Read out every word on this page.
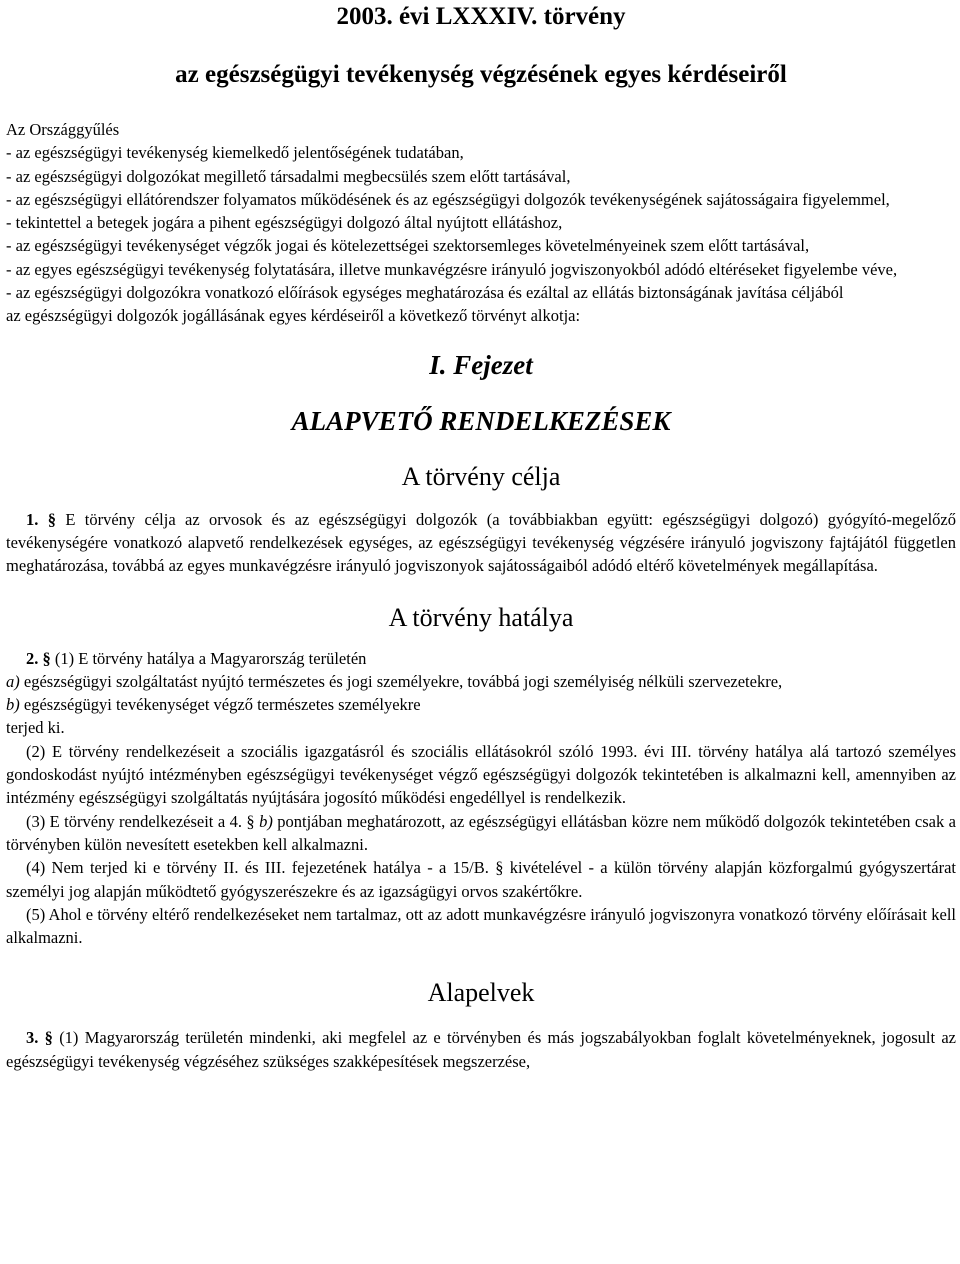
2003. évi LXXXIV. törvény
az egészségügyi tevékenység végzésének egyes kérdéseiről

Az Országgyűlés

- az egészségügyi tevékenység kiemelkedő jelentőségének tudatában,

- az egészségügyi dolgozókat megillető társadalmi megbecsülés szem előtt tartásával,

- az egészségügyi ellátórendszer folyamatos működésének és az egészségügyi dolgozók tevékenységének sajátosságaira figyelemmel,

- tekintettel a betegek jogára a pihent egészségügyi dolgozó által nyújtott ellátáshoz,

- az egészségügyi tevékenységet végzők jogai és kötelezettségei szektorsemleges követelményeinek szem előtt tartásával,

- az egyes egészségügyi tevékenység folytatására, illetve munkavégzésre irányuló jogviszonyokból adódó eltéréseket figyelembe véve,

- az egészségügyi dolgozókra vonatkozó előírások egységes meghatározása és ezáltal az ellátás biztonságának javítása céljából

az egészségügyi dolgozók jogállásának egyes kérdéseiről a következő törvényt alkotja:

I. Fejezet
ALAPVETŐ RENDELKEZÉSEK
A törvény célja

1. § E törvény célja az orvosok és az egészségügyi dolgozók (a továbbiakban együtt: egészségügyi dolgozó) gyógyító-megelőző tevékenységére vonatkozó alapvető rendelkezések egységes, az egészségügyi tevékenység végzésére irányuló jogviszony fajtájától független meghatározása, továbbá az egyes munkavégzésre irányuló jogviszonyok sajátosságaiból adódó eltérő követelmények megállapítása.

A törvény hatálya

2. § (1) E törvény hatálya a Magyarország területén

a) egészségügyi szolgáltatást nyújtó természetes és jogi személyekre, továbbá jogi személyiség nélküli szervezetekre,

b) egészségügyi tevékenységet végző természetes személyekre

terjed ki.

(2) E törvény rendelkezéseit a szociális igazgatásról és szociális ellátásokról szóló 1993. évi III. törvény hatálya alá tartozó személyes gondoskodást nyújtó intézményben egészségügyi tevékenységet végző egészségügyi dolgozók tekintetében is alkalmazni kell, amennyiben az intézmény egészségügyi szolgáltatás nyújtására jogosító működési engedéllyel is rendelkezik.

(3) E törvény rendelkezéseit a 4. § b) pontjában meghatározott, az egészségügyi ellátásban közre nem működő dolgozók tekintetében csak a törvényben külön nevesített esetekben kell alkalmazni.

(4) Nem terjed ki e törvény II. és III. fejezetének hatálya - a 15/B. § kivételével - a külön törvény alapján közforgalmú gyógyszertárat személyi jog alapján működtető gyógyszerészekre és az igazságügyi orvos szakértőkre.

(5) Ahol e törvény eltérő rendelkezéseket nem tartalmaz, ott az adott munkavégzésre irányuló jogviszonyra vonatkozó törvény előírásait kell alkalmazni.

Alapelvek

3. § (1) Magyarország területén mindenki, aki megfelel az e törvényben és más jogszabályokban foglalt követelményeknek, jogosult az egészségügyi tevékenység végzéséhez szükséges szakképesítések megszerzése,
